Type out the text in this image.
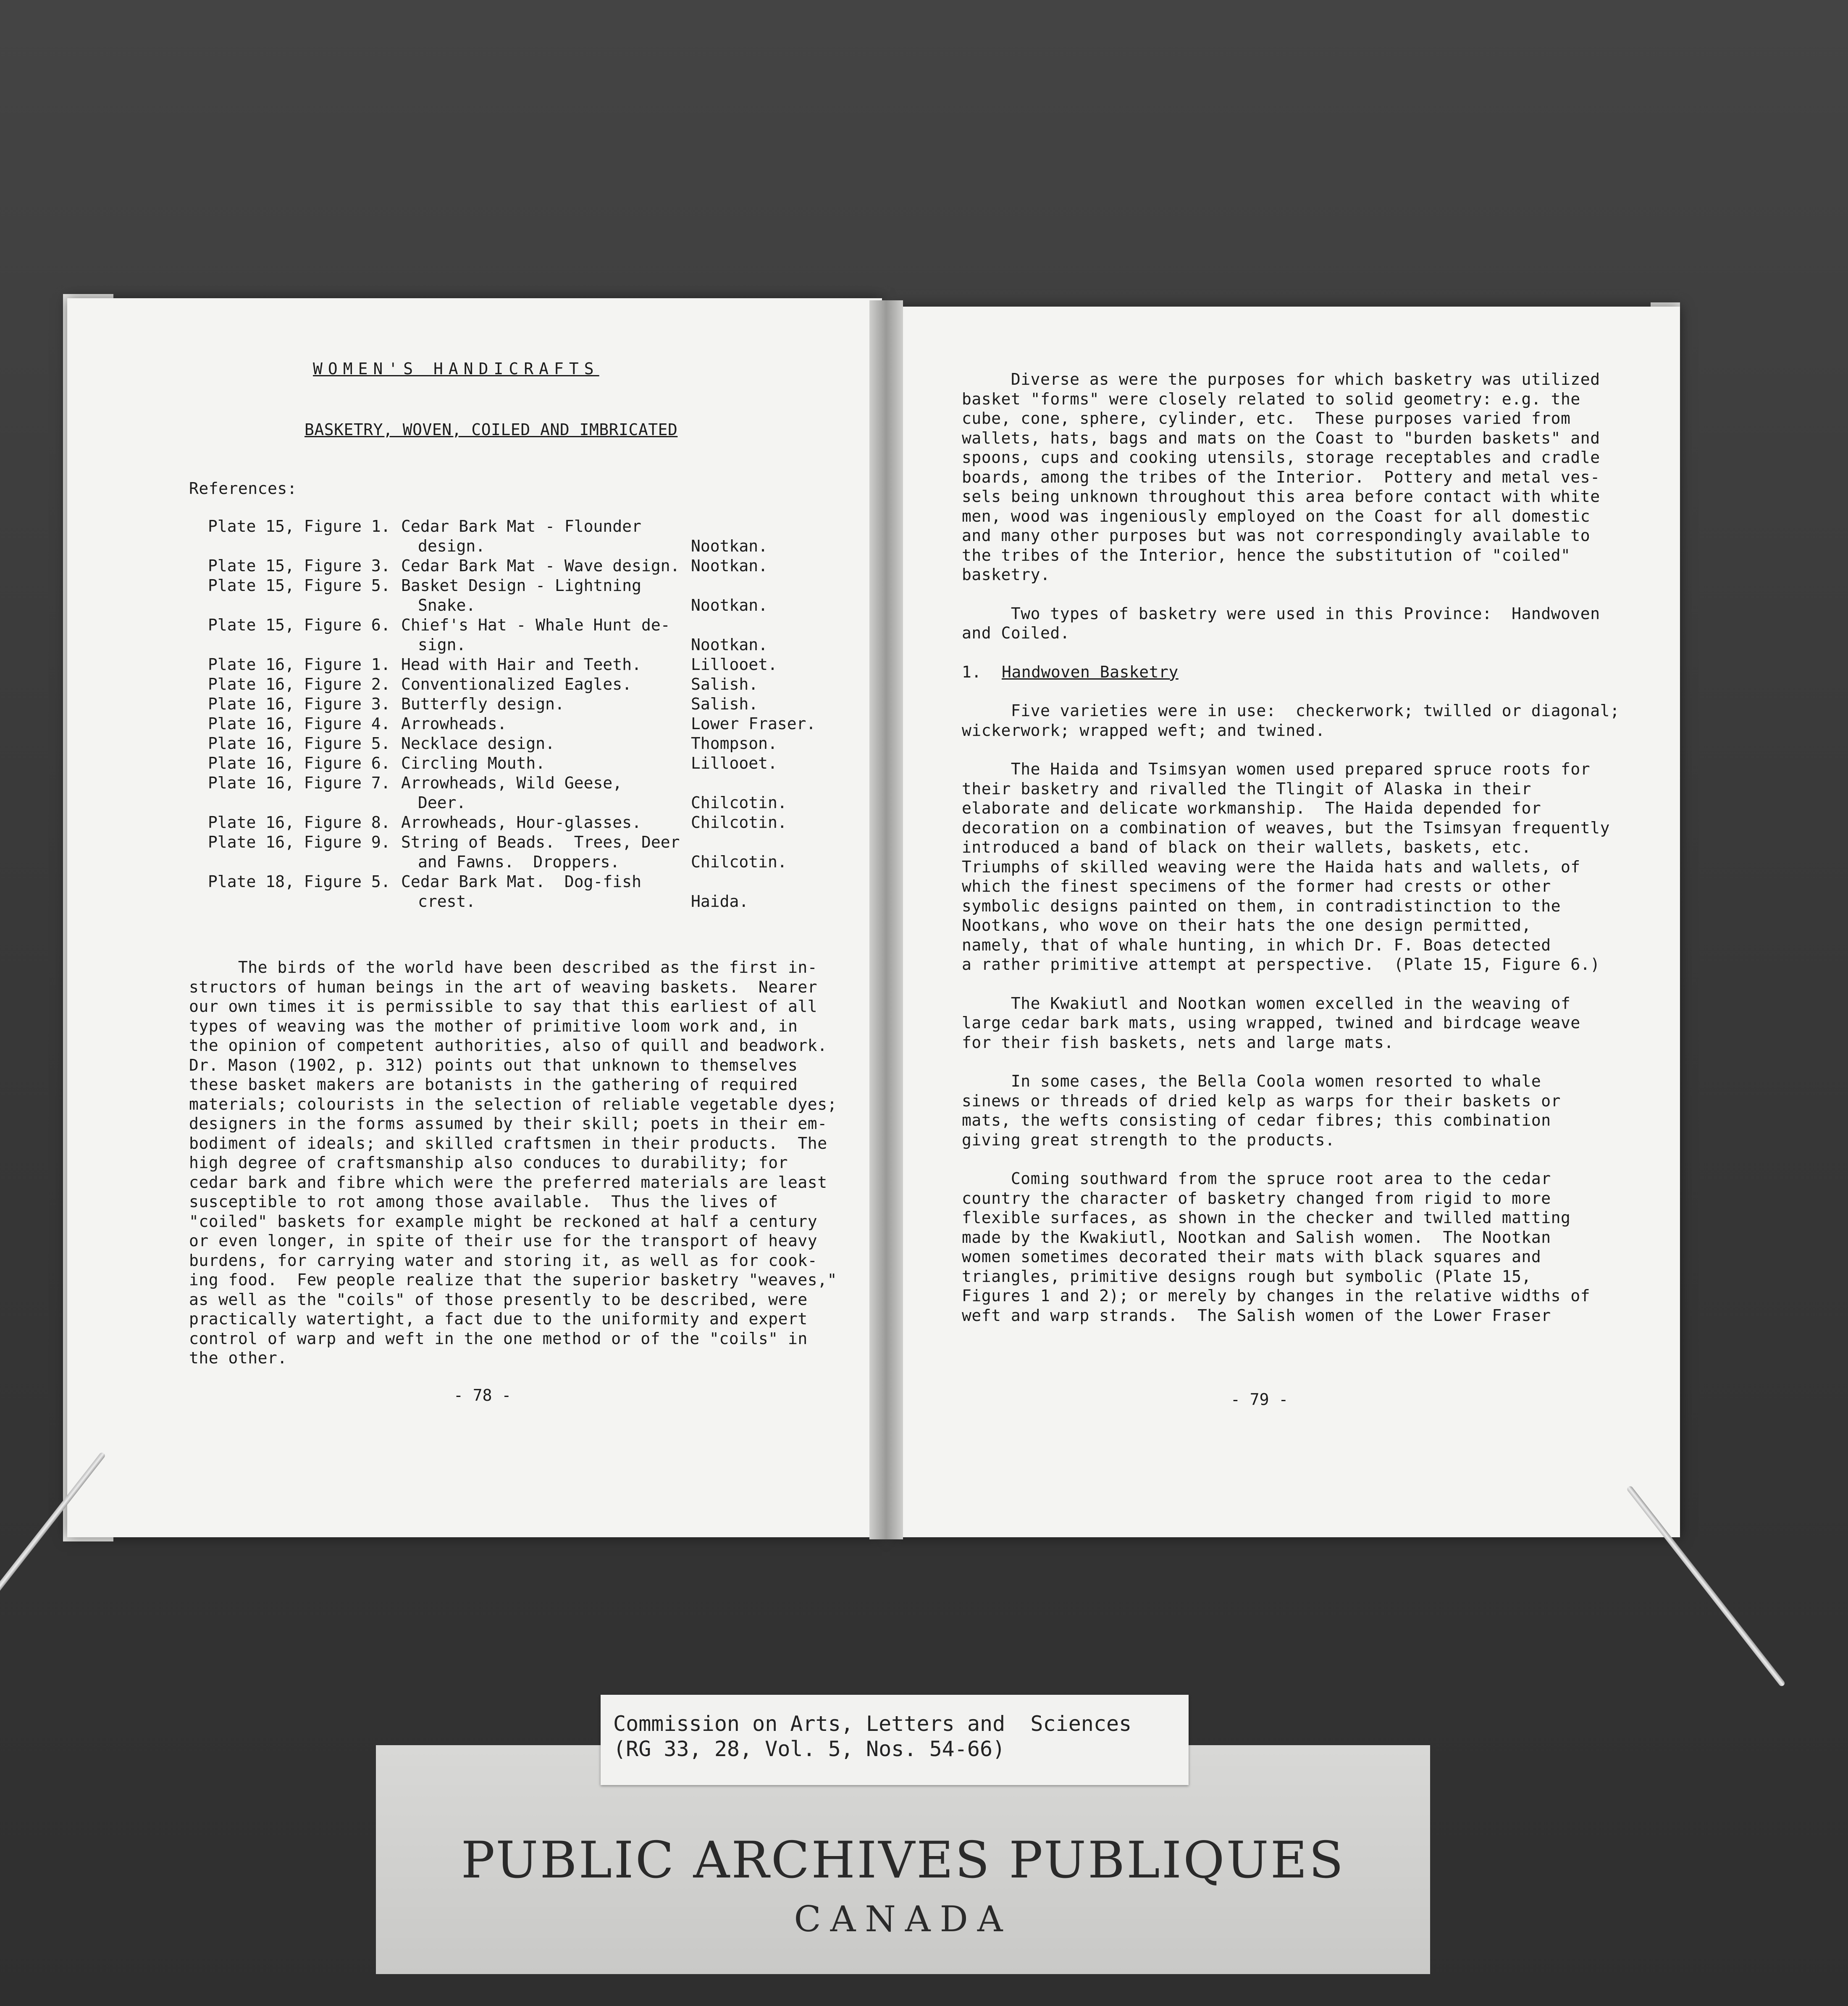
WOMEN'S HANDICRAFTS
BASKETRY, WOVEN, COILED AND IMBRICATED
References:
Plate 15, Figure 1. Cedar Bark Mat - Flounder
design.	Nootkan.
Plate 15, Figure 3. Cedar Bark Mat - Wave design. Nootkan.
Plate 15, Figure 5. Basket Design - Lightning
Snake.	Nootkan.
Plate 15, Figure 6. Chief's Hat - Whale Hunt de-
sign.	Nootkan.
Plate 16, Figure 1. Head with Hair and Teeth.	Lillooet.
Plate 16, Figure 2. Conventionalized Eagles.	Salish.
Plate 16, Figure 3. Butterfly design.	Salish.
Plate 16, Figure 4. Arrowheads.	Lower Fraser.
Plate 16, Figure 5. Necklace design.	Thompson.
Plate 16, Figure 6. Circling Mouth.	Lillooet.
Plate 16, Figure 7. Arrowheads, Wild Geese,
Deer.	Chilcotin.
Plate 16, Figure 8. Arrowheads, Hour-glasses.	Chilcotin.
Plate 16, Figure 9. String of Beads.  Trees, Deer
and Fawns.  Droppers.	Chilcotin.
Plate 18, Figure 5. Cedar Bark Mat.  Dog-fish
crest.	Haida.
The birds of the world have been described as the first in-
structors of human beings in the art of weaving baskets.  Nearer
our own times it is permissible to say that this earliest of all
types of weaving was the mother of primitive loom work and, in
the opinion of competent authorities, also of quill and beadwork.
Dr. Mason (1902, p. 312) points out that unknown to themselves
these basket makers are botanists in the gathering of required
materials; colourists in the selection of reliable vegetable dyes;
designers in the forms assumed by their skill; poets in their em-
bodiment of ideals; and skilled craftsmen in their products.  The
high degree of craftsmanship also conduces to durability; for
cedar bark and fibre which were the preferred materials are least
susceptible to rot among those available.  Thus the lives of
"coiled" baskets for example might be reckoned at half a century
or even longer, in spite of their use for the transport of heavy
burdens, for carrying water and storing it, as well as for cook-
ing food.  Few people realize that the superior basketry "weaves,"
as well as the "coils" of those presently to be described, were
practically watertight, a fact due to the uniformity and expert
control of warp and weft in the one method or of the "coils" in
the other.
- 78 -
Diverse as were the purposes for which basketry was utilized
basket "forms" were closely related to solid geometry: e.g. the
cube, cone, sphere, cylinder, etc.  These purposes varied from
wallets, hats, bags and mats on the Coast to "burden baskets" and
spoons, cups and cooking utensils, storage receptables and cradle
boards, among the tribes of the Interior.  Pottery and metal ves-
sels being unknown throughout this area before contact with white
men, wood was ingeniously employed on the Coast for all domestic
and many other purposes but was not correspondingly available to
the tribes of the Interior, hence the substitution of "coiled"
basketry.
Two types of basketry were used in this Province:  Handwoven
and Coiled.
1. Handwoven Basketry
Five varieties were in use:  checkerwork; twilled or diagonal;
wickerwork; wrapped weft; and twined.
The Haida and Tsimsyan women used prepared spruce roots for
their basketry and rivalled the Tlingit of Alaska in their
elaborate and delicate workmanship.  The Haida depended for
decoration on a combination of weaves, but the Tsimsyan frequently
introduced a band of black on their wallets, baskets, etc.
Triumphs of skilled weaving were the Haida hats and wallets, of
which the finest specimens of the former had crests or other
symbolic designs painted on them, in contradistinction to the
Nootkans, who wove on their hats the one design permitted,
namely, that of whale hunting, in which Dr. F. Boas detected
a rather primitive attempt at perspective.  (Plate 15, Figure 6.)
The Kwakiutl and Nootkan women excelled in the weaving of
large cedar bark mats, using wrapped, twined and birdcage weave
for their fish baskets, nets and large mats.
In some cases, the Bella Coola women resorted to whale
sinews or threads of dried kelp as warps for their baskets or
mats, the wefts consisting of cedar fibres; this combination
giving great strength to the products.
Coming southward from the spruce root area to the cedar
country the character of basketry changed from rigid to more
flexible surfaces, as shown in the checker and twilled matting
made by the Kwakiutl, Nootkan and Salish women.  The Nootkan
women sometimes decorated their mats with black squares and
triangles, primitive designs rough but symbolic (Plate 15,
Figures 1 and 2); or merely by changes in the relative widths of
weft and warp strands.  The Salish women of the Lower Fraser
- 79 -
Commission on Arts, Letters and  Sciences
(RG 33, 28, Vol. 5, Nos. 54-66)
PUBLIC ARCHIVES PUBLIQUES
CANADA
